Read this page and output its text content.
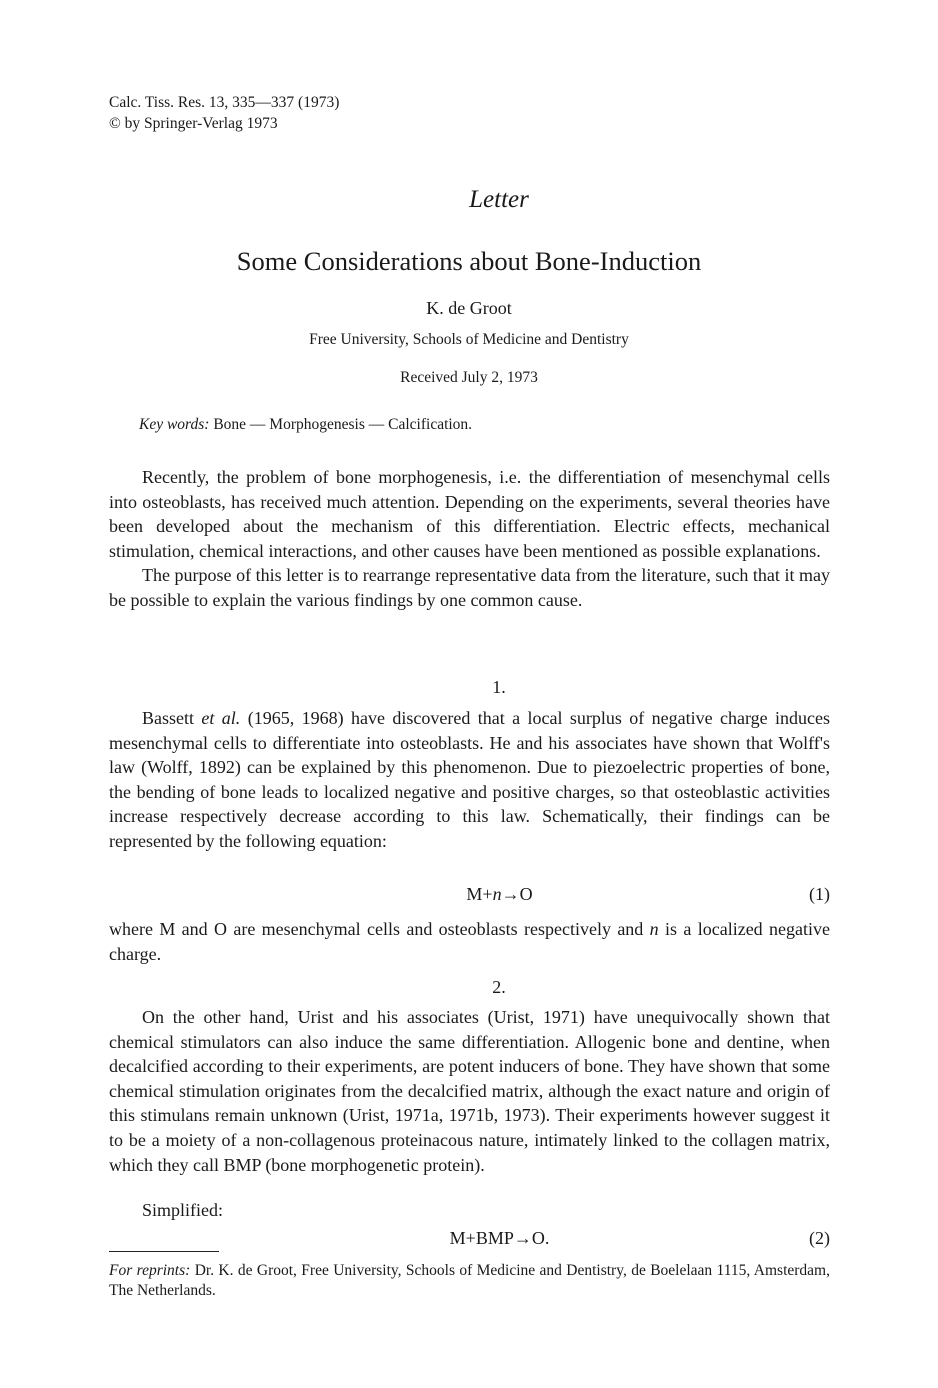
Calc. Tiss. Res. 13, 335—337 (1973)
© by Springer-Verlag 1973
Letter
Some Considerations about Bone-Induction
K. de Groot
Free University, Schools of Medicine and Dentistry
Received July 2, 1973
Key words: Bone — Morphogenesis — Calcification.

Recently, the problem of bone morphogenesis, i.e. the differentiation of mesenchymal cells into osteoblasts, has received much attention. Depending on the experiments, several theories have been developed about the mechanism of this differentiation. Electric effects, mechanical stimulation, chemical interactions, and other causes have been mentioned as possible explanations.

The purpose of this letter is to rearrange representative data from the literature, such that it may be possible to explain the various findings by one common cause.

1.

Bassett et al. (1965, 1968) have discovered that a local surplus of negative charge induces mesenchymal cells to differentiate into osteoblasts. He and his associates have shown that Wolff's law (Wolff, 1892) can be explained by this phenomenon. Due to piezoelectric properties of bone, the bending of bone leads to localized negative and positive charges, so that osteoblastic activities increase respectively decrease according to this law. Schematically, their findings can be represented by the following equation:

M+n→O	(1)

where M and O are mesenchymal cells and osteoblasts respectively and n is a localized negative charge.

2.

On the other hand, Urist and his associates (Urist, 1971) have unequivocally shown that chemical stimulators can also induce the same differentiation. Allogenic bone and dentine, when decalcified according to their experiments, are potent inducers of bone. They have shown that some chemical stimulation originates from the decalcified matrix, although the exact nature and origin of this stimulans remain unknown (Urist, 1971a, 1971b, 1973). Their experiments however suggest it to be a moiety of a non-collagenous proteinacous nature, intimately linked to the collagen matrix, which they call BMP (bone morphogenetic protein).

Simplified:
M+BMP→O.	(2)
For reprints: Dr. K. de Groot, Free University, Schools of Medicine and Dentistry, de Boelelaan 1115, Amsterdam, The Netherlands.
